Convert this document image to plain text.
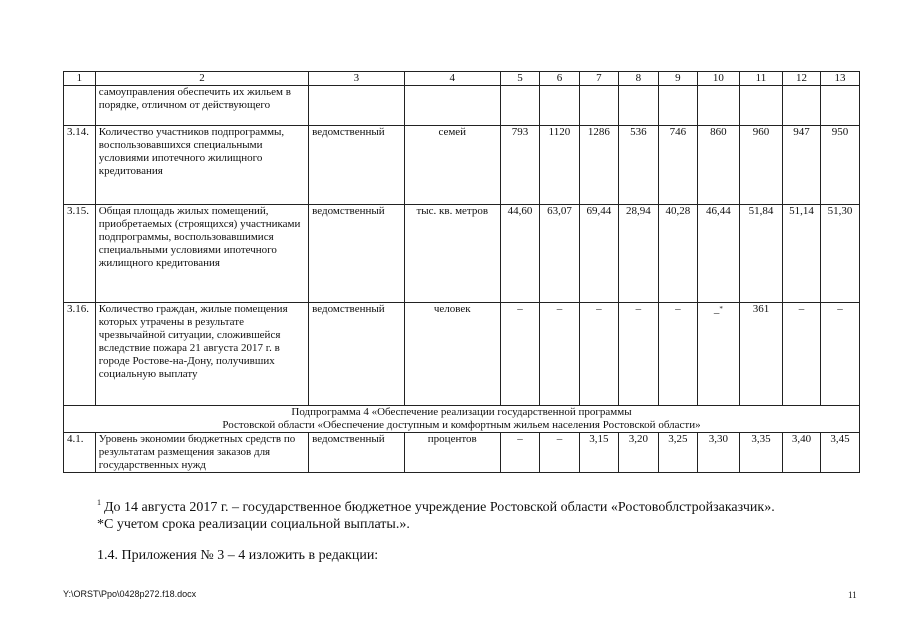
1	2	3	4	5	6	7	8	9	10	11	12	13
	самоуправления обеспечить их жильем в порядке, отличном от действующего											
3.14.	Количество участников подпрограммы, воспользовавшихся специальными условиями ипотечного жилищного кредитования	ведомственный	семей	793	1120	1286	536	746	860	960	947	950
3.15.	Общая площадь жилых помещений, приобретаемых (строящихся) участниками подпрограммы, воспользовавшимися специальными условиями ипотечного жилищного кредитования	ведомственный	тыс. кв. метров	44,60	63,07	69,44	28,94	40,28	46,44	51,84	51,14	51,30
3.16.	Количество граждан, жилые помещения которых утрачены в результате чрезвычайной ситуации, сложившейся вследствие пожара 21 августа 2017 г. в городе Ростове-на-Дону, получивших социальную выплату	ведомственный	человек	–	–	–	–	–	–*	361	–	–

Подпрограмма 4 «Обеспечение реализации государственной программы
Ростовской области «Обеспечение доступным и комфортным жильем населения Ростовской области»												

4.1.	Уровень экономии бюджетных средств по результатам размещения заказов для государственных нужд	ведомственный	процентов	–	–	3,15	3,20	3,25	3,30	3,35	3,40	3,45
$^1$ До 14 августа 2017 г. – государственное бюджетное учреждение Ростовской области «Ростовоблстройзаказчик».
*С учетом срока реализации социальной выплаты.».
1.4. Приложения № 3 – 4 изложить в редакции:
Y:\ORST\Ppo\0428p272.f18.docx	11
